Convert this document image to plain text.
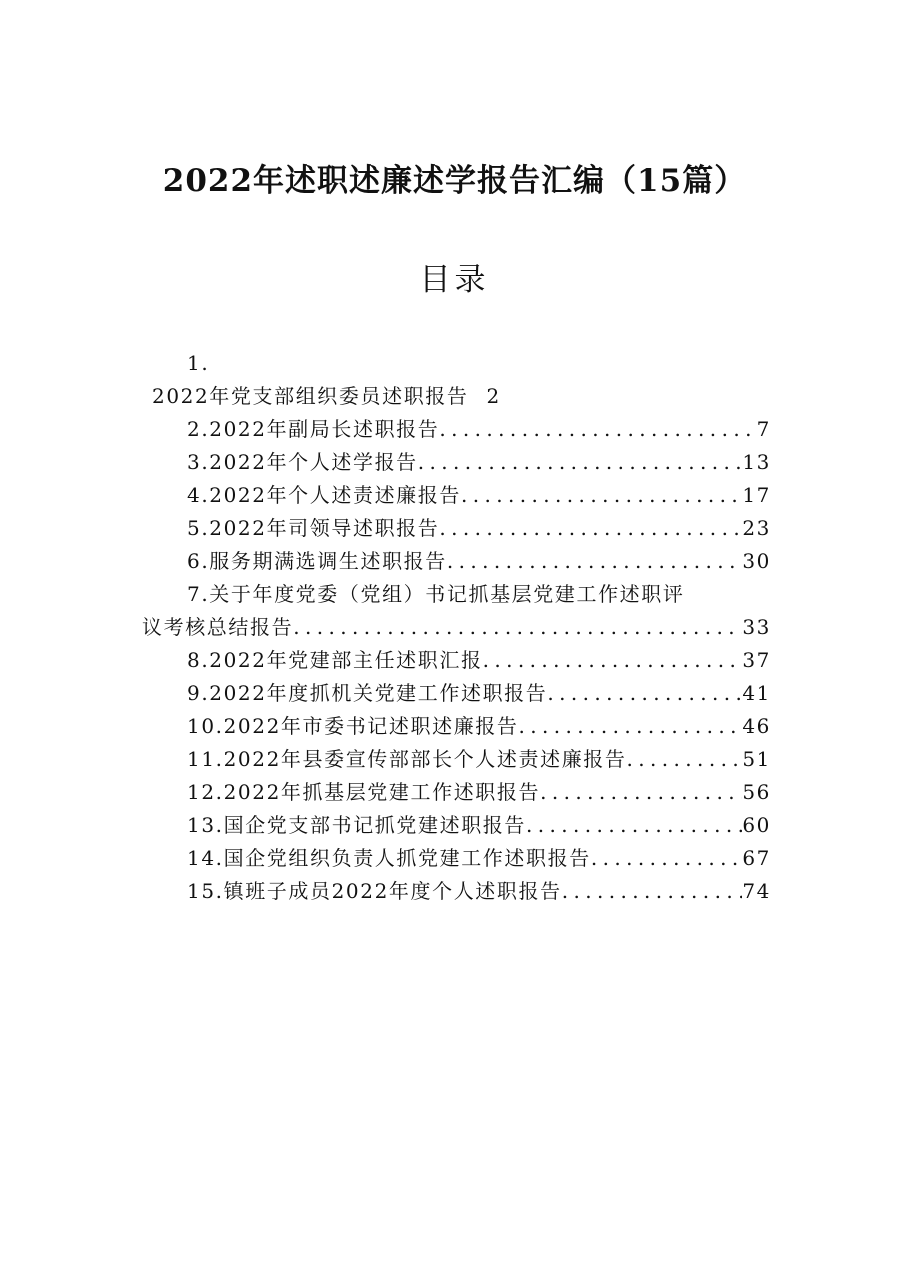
2022年述职述廉述学报告汇编（15篇）
目录
1.
2022年党支部组织委员述职报告 2
2.2022年副局长述职报告 .....	7
3.2022年个人述学报告 .....	13
4.2022年个人述责述廉报告 .....	17
5.2022年司领导述职报告 .....	23
6.服务期满选调生述职报告 .....	30
7.关于年度党委（党组）书记抓基层党建工作述职评
议考核总结报告 .....	33
8.2022年党建部主任述职汇报 .....	37
9.2022年度抓机关党建工作述职报告 .....	41
10.2022年市委书记述职述廉报告 .....	46
11.2022年县委宣传部部长个人述责述廉报告 .....	51
12.2022年抓基层党建工作述职报告 .....	56
13.国企党支部书记抓党建述职报告 .....	60
14.国企党组织负责人抓党建工作述职报告 .....	67
15.镇班子成员2022年度个人述职报告 .....	74
